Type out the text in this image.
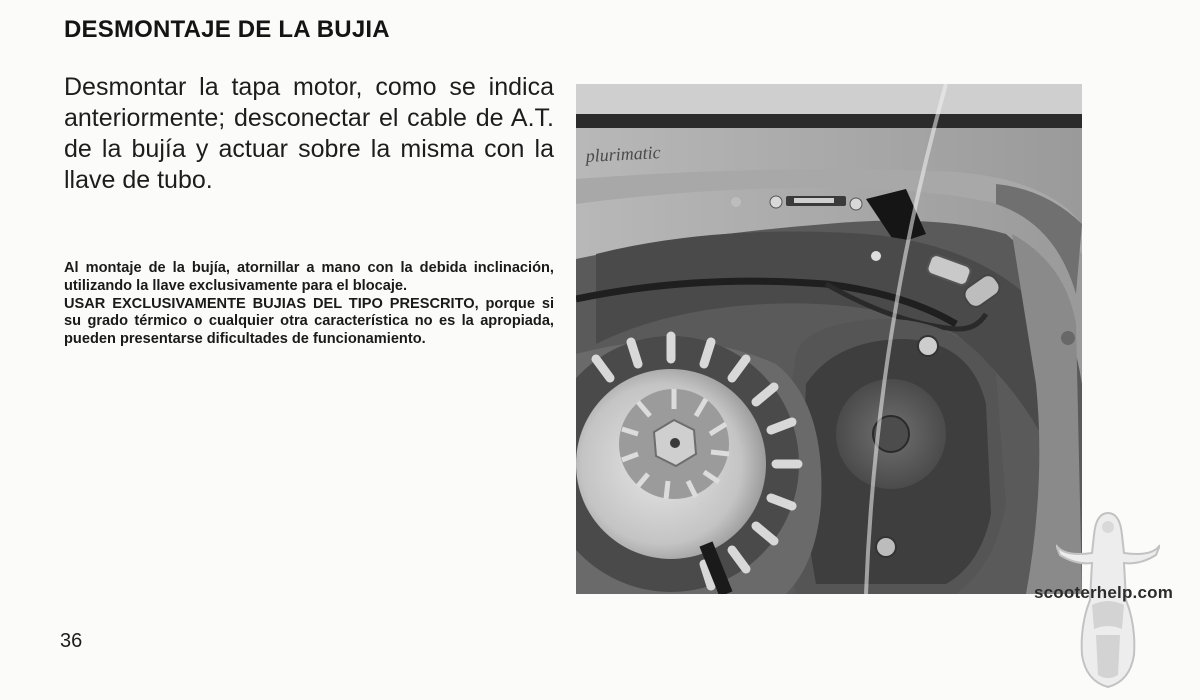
DESMONTAJE DE LA BUJIA
Desmontar la tapa motor, como se indica anteriormente; desconectar el cable de A.T. de la bujía y actuar sobre la misma con la llave de tubo.

Al montaje de la bujía, atornillar a mano con la debida inclinación, utilizando la llave exclusivamente para el blocaje.

USAR EXCLUSIVAMENTE BUJIAS DEL TIPO PRESCRITO, porque si su grado térmico o cualquier otra característica no es la apropiada, pueden presentarse dificultades de funcionamiento.

36
plurimatic
scooterhelp.com
